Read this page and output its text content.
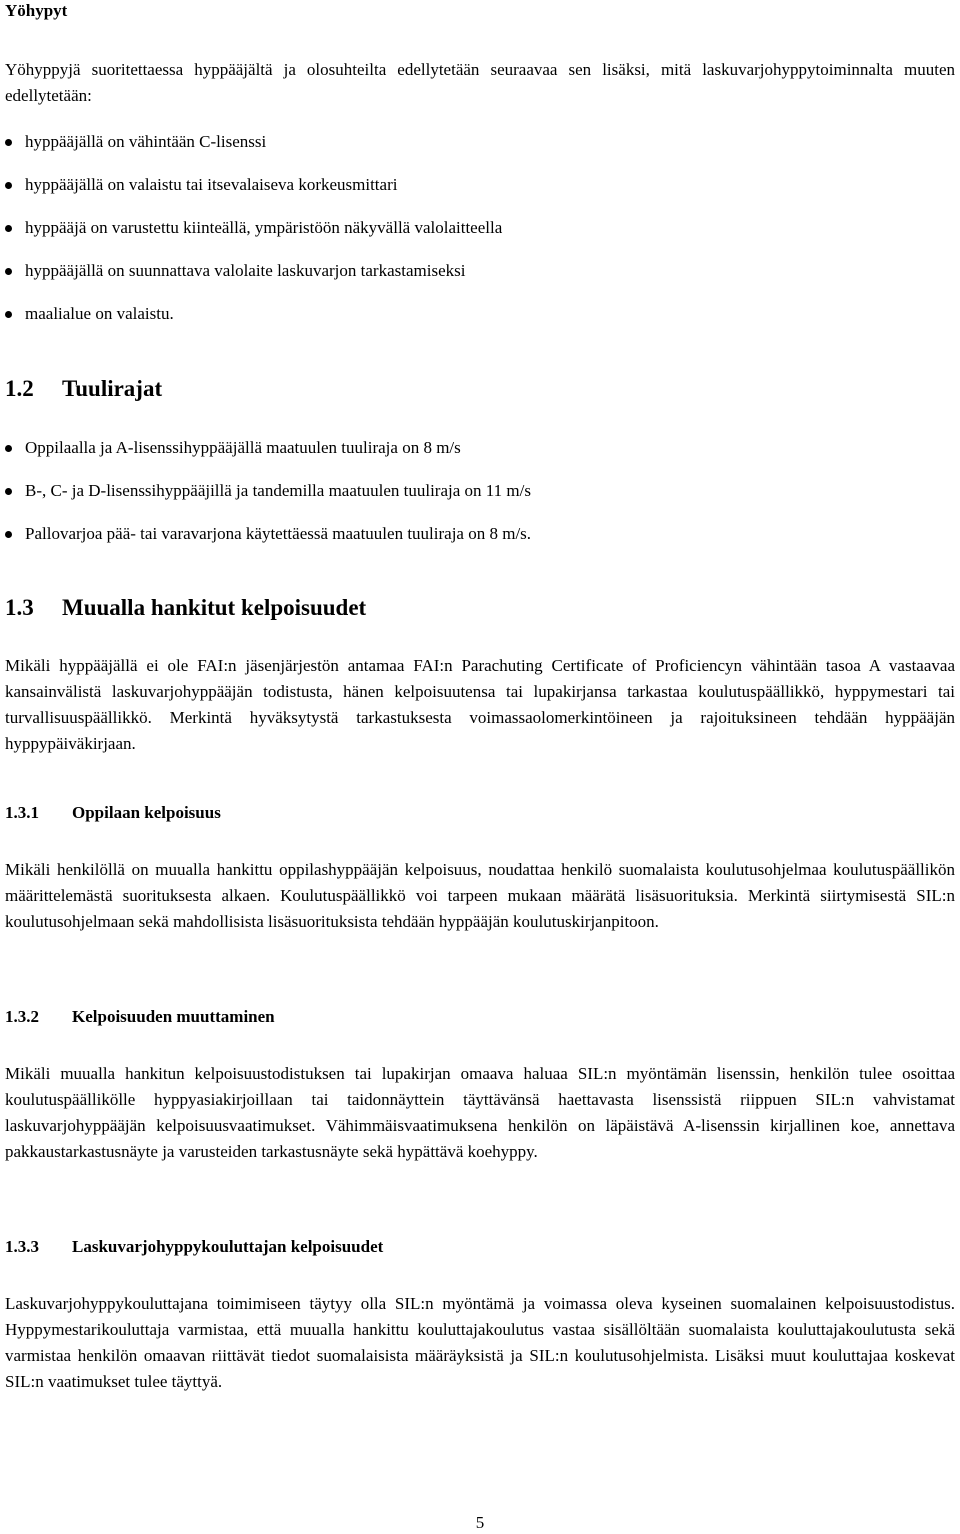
Yöhypyt

Yöhyppyjä suoritettaessa hyppääjältä ja olosuhteilta edellytetään seuraavaa sen lisäksi, mitä laskuvarjohyppytoiminnalta muuten edellytetään:

hyppääjällä on vähintään C-lisenssi
hyppääjällä on valaistu tai itsevalaiseva korkeusmittari
hyppääjä on varustettu kiinteällä, ympäristöön näkyvällä valolaitteella
hyppääjällä on suunnattava valolaite laskuvarjon tarkastamiseksi
maalialue on valaistu.
1.2 Tuulirajat
Oppilaalla ja A-lisenssihyppääjällä maatuulen tuuliraja on 8 m/s
B-, C- ja D-lisenssihyppääjillä ja tandemilla maatuulen tuuliraja on 11 m/s
Pallovarjoa pää- tai varavarjona käytettäessä maatuulen tuuliraja on 8 m/s.
1.3 Muualla hankitut kelpoisuudet

Mikäli hyppääjällä ei ole FAI:n jäsenjärjestön antamaa FAI:n Parachuting Certificate of Proficiencyn vähintään tasoa A vastaavaa kansainvälistä laskuvarjohyppääjän todistusta, hänen kelpoisuutensa tai lupakirjansa tarkastaa koulutuspäällikkö, hyppymestari tai turvallisuuspäällikkö. Merkintä hyväksytystä tarkastuksesta voimassaolomerkintöineen ja rajoituksineen tehdään hyppääjän hyppypäiväkirjaan.

1.3.1 Oppilaan kelpoisuus

Mikäli henkilöllä on muualla hankittu oppilashyppääjän kelpoisuus, noudattaa henkilö suomalaista koulutusohjelmaa koulutuspäällikön määrittelemästä suorituksesta alkaen. Koulutuspäällikkö voi tarpeen mukaan määrätä lisäsuorituksia. Merkintä siirtymisestä SIL:n koulutusohjelmaan sekä mahdollisista lisäsuorituksista tehdään hyppääjän koulutuskirjanpitoon.

1.3.2 Kelpoisuuden muuttaminen

Mikäli muualla hankitun kelpoisuustodistuksen tai lupakirjan omaava haluaa SIL:n myöntämän lisenssin, henkilön tulee osoittaa koulutuspäällikölle hyppyasiakirjoillaan tai taidonnäyttein täyttävänsä haettavasta lisenssistä riippuen SIL:n vahvistamat laskuvarjohyppääjän kelpoisuusvaatimukset. Vähimmäisvaatimuksena henkilön on läpäistävä A-lisenssin kirjallinen koe, annettava pakkaustarkastusnäyte ja varusteiden tarkastusnäyte sekä hypättävä koehyppy.

1.3.3 Laskuvarjohyppykouluttajan kelpoisuudet

Laskuvarjohyppykouluttajana toimimiseen täytyy olla SIL:n myöntämä ja voimassa oleva kyseinen suomalainen kelpoisuustodistus. Hyppymestarikouluttaja varmistaa, että muualla hankittu kouluttajakoulutus vastaa sisällöltään suomalaista kouluttajakoulutusta sekä varmistaa henkilön omaavan riittävät tiedot suomalaisista määräyksistä ja SIL:n koulutusohjelmista. Lisäksi muut kouluttajaa koskevat SIL:n vaatimukset tulee täyttyä.

5
